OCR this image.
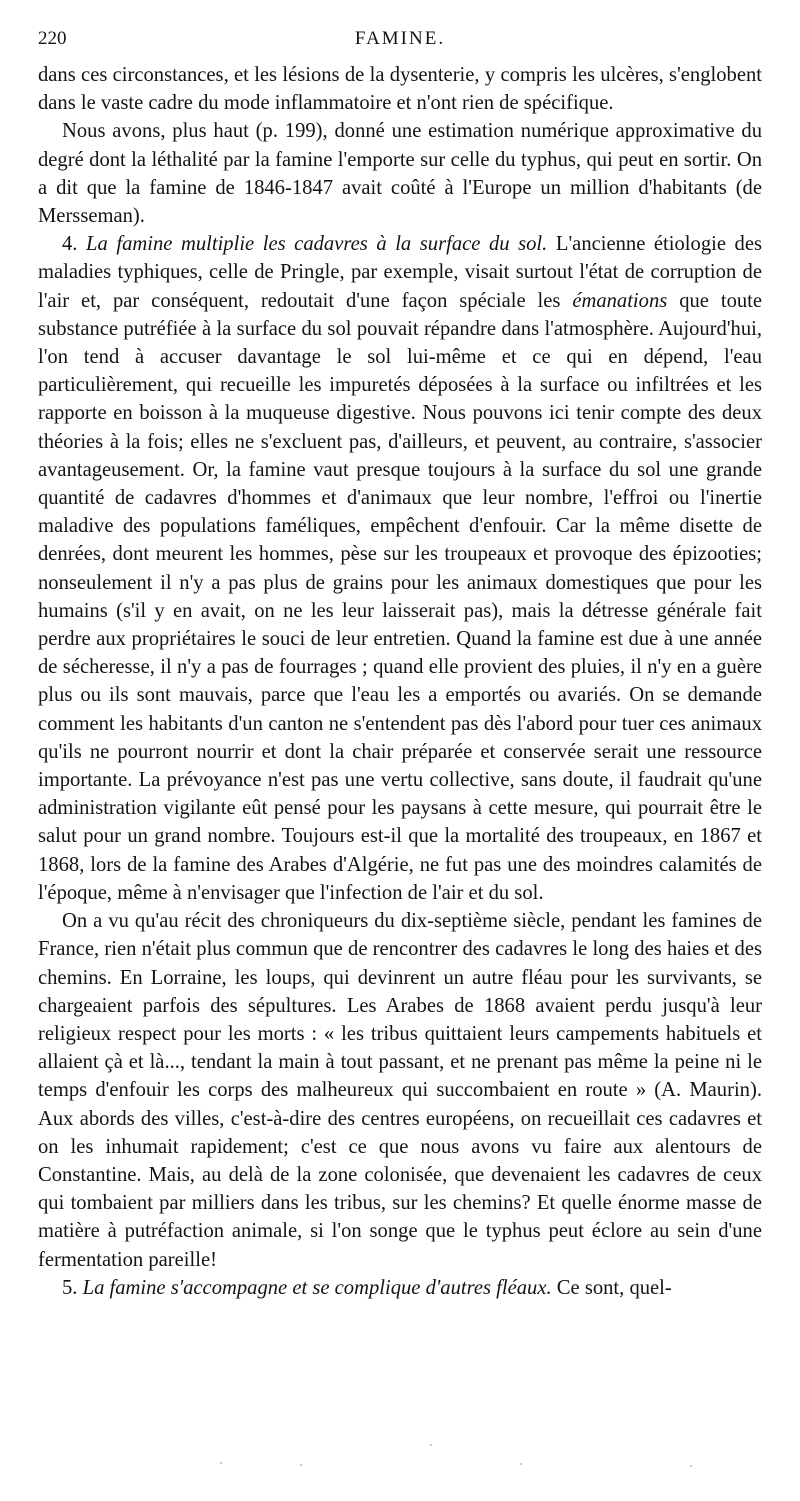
220	FAMINE.

dans ces circonstances, et les lésions de la dysenterie, y compris les ulcères, s'englobent dans le vaste cadre du mode inflammatoire et n'ont rien de spécifique.

Nous avons, plus haut (p. 199), donné une estimation numérique approximative du degré dont la léthalité par la famine l'emporte sur celle du typhus, qui peut en sortir. On a dit que la famine de 1846-1847 avait coûté à l'Europe un million d'habitants (de Mersseman).

4. La famine multiplie les cadavres à la surface du sol. L'ancienne étiologie des maladies typhiques, celle de Pringle, par exemple, visait surtout l'état de corruption de l'air et, par conséquent, redoutait d'une façon spéciale les émanations que toute substance putréfiée à la surface du sol pouvait répandre dans l'atmosphère. Aujourd'hui, l'on tend à accuser davantage le sol lui-même et ce qui en dépend, l'eau particulièrement, qui recueille les impuretés déposées à la surface ou infiltrées et les rapporte en boisson à la muqueuse digestive. Nous pouvons ici tenir compte des deux théories à la fois; elles ne s'excluent pas, d'ailleurs, et peuvent, au contraire, s'associer avantageusement. Or, la famine vaut presque toujours à la surface du sol une grande quantité de cadavres d'hommes et d'animaux que leur nombre, l'effroi ou l'inertie maladive des populations faméliques, empêchent d'enfouir. Car la même disette de denrées, dont meurent les hommes, pèse sur les troupeaux et provoque des épizooties; nonseulement il n'y a pas plus de grains pour les animaux domestiques que pour les humains (s'il y en avait, on ne les leur laisserait pas), mais la détresse générale fait perdre aux propriétaires le souci de leur entretien. Quand la famine est due à une année de sécheresse, il n'y a pas de fourrages ; quand elle provient des pluies, il n'y en a guère plus ou ils sont mauvais, parce que l'eau les a emportés ou avariés. On se demande comment les habitants d'un canton ne s'entendent pas dès l'abord pour tuer ces animaux qu'ils ne pourront nourrir et dont la chair préparée et conservée serait une ressource importante. La prévoyance n'est pas une vertu collective, sans doute, il faudrait qu'une administration vigilante eût pensé pour les paysans à cette mesure, qui pourrait être le salut pour un grand nombre. Toujours est-il que la mortalité des troupeaux, en 1867 et 1868, lors de la famine des Arabes d'Algérie, ne fut pas une des moindres calamités de l'époque, même à n'envisager que l'infection de l'air et du sol.

On a vu qu'au récit des chroniqueurs du dix-septième siècle, pendant les famines de France, rien n'était plus commun que de rencontrer des cadavres le long des haies et des chemins. En Lorraine, les loups, qui devinrent un autre fléau pour les survivants, se chargeaient parfois des sépultures. Les Arabes de 1868 avaient perdu jusqu'à leur religieux respect pour les morts : « les tribus quittaient leurs campements habituels et allaient çà et là..., tendant la main à tout passant, et ne prenant pas même la peine ni le temps d'enfouir les corps des malheureux qui succombaient en route » (A. Maurin). Aux abords des villes, c'est-à-dire des centres européens, on recueillait ces cadavres et on les inhumait rapidement; c'est ce que nous avons vu faire aux alentours de Constantine. Mais, au delà de la zone colonisée, que devenaient les cadavres de ceux qui tombaient par milliers dans les tribus, sur les chemins? Et quelle énorme masse de matière à putréfaction animale, si l'on songe que le typhus peut éclore au sein d'une fermentation pareille!

5. La famine s'accompagne et se complique d'autres fléaux. Ce sont, quel-
